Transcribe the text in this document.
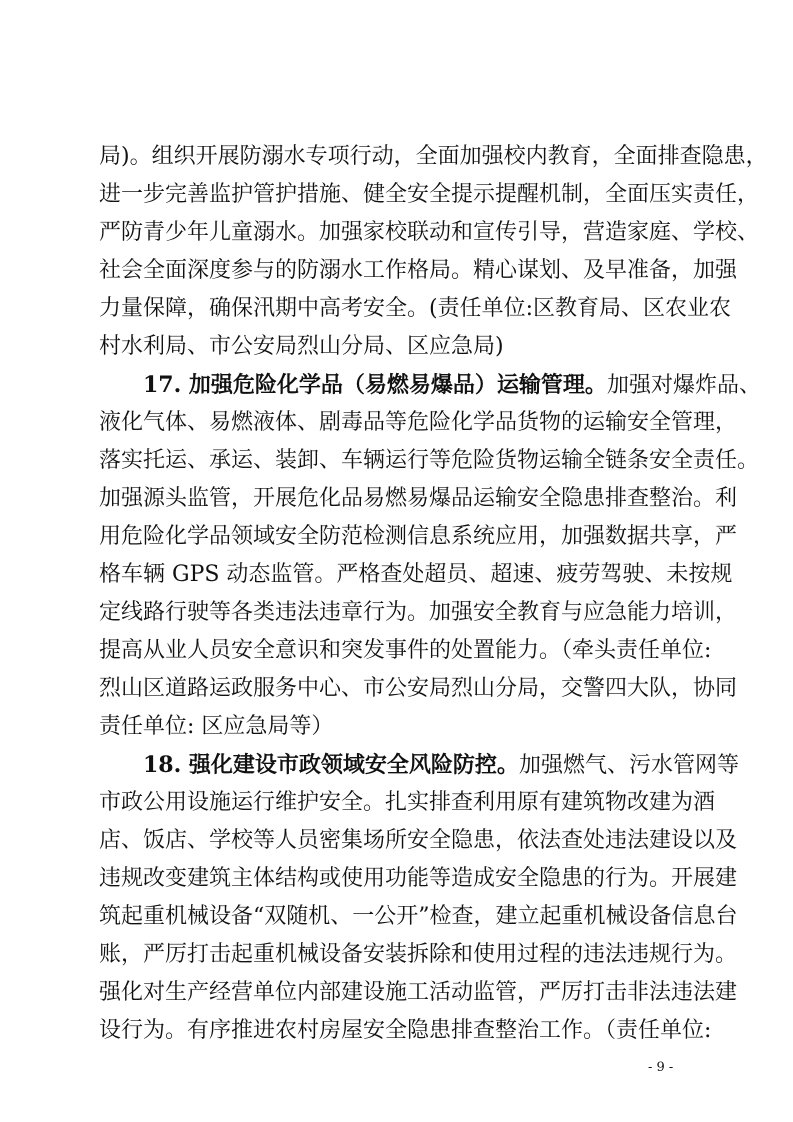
局)。组织开展防溺水专项行动，全面加强校内教育，全面排查隐患，
进一步完善监护管护措施、健全安全提示提醒机制，全面压实责任，
严防青少年儿童溺水。加强家校联动和宣传引导，营造家庭、学校、
社会全面深度参与的防溺水工作格局。精心谋划、及早准备，加强
力量保障，确保汛期中高考安全。(责任单位:区教育局、区农业农
村水利局、市公安局烈山分局、区应急局)
17. 加强危险化学品（易燃易爆品）运输管理。加强对爆炸品、
液化气体、易燃液体、剧毒品等危险化学品货物的运输安全管理，
落实托运、承运、装卸、车辆运行等危险货物运输全链条安全责任。
加强源头监管，开展危化品易燃易爆品运输安全隐患排查整治。利
用危险化学品领域安全防范检测信息系统应用，加强数据共享，严
格车辆 GPS 动态监管。严格查处超员、超速、疲劳驾驶、未按规
定线路行驶等各类违法违章行为。加强安全教育与应急能力培训，
提高从业人员安全意识和突发事件的处置能力。（牵头责任单位:
烈山区道路运政服务中心、市公安局烈山分局，交警四大队，协同
责任单位: 区应急局等）
18. 强化建设市政领域安全风险防控。加强燃气、污水管网等
市政公用设施运行维护安全。扎实排查利用原有建筑物改建为酒
店、饭店、学校等人员密集场所安全隐患，依法查处违法建设以及
违规改变建筑主体结构或使用功能等造成安全隐患的行为。开展建
筑起重机械设备“双随机、一公开”检查，建立起重机械设备信息台
账，严厉打击起重机械设备安装拆除和使用过程的违法违规行为。
强化对生产经营单位内部建设施工活动监管，严厉打击非法违法建
设行为。有序推进农村房屋安全隐患排查整治工作。（责任单位:
- 9 -
